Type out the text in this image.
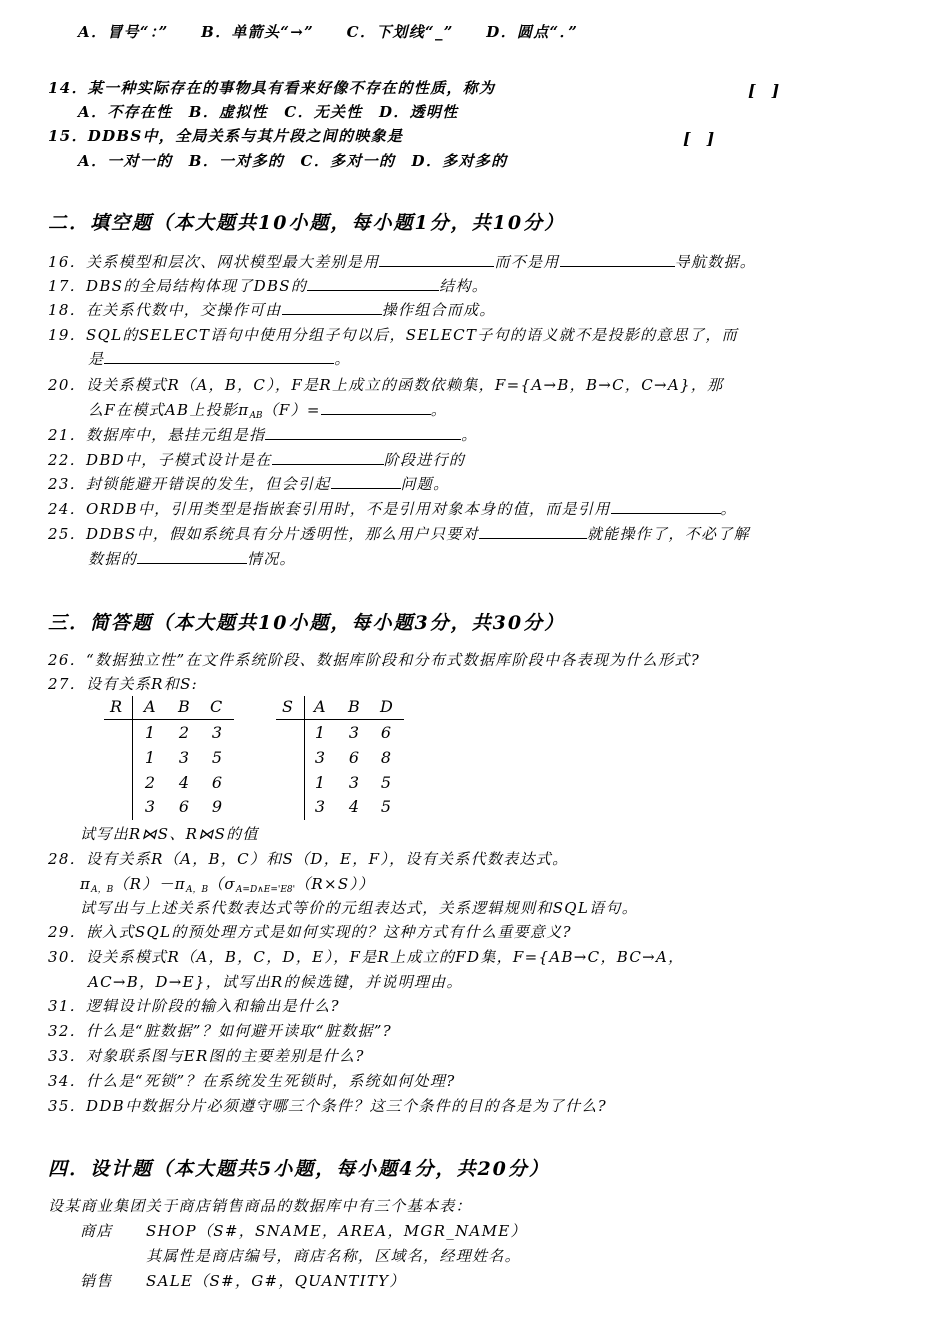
A．冒号“：”　　B．单箭头“→”　　C．下划线“_”　　D．圆点“．”
14．某一种实际存在的事物具有看来好像不存在的性质，称为	[　]
A．不存在性　B．虚拟性　C．无关性　D．透明性
15．DDBS中，全局关系与其片段之间的映象是	[　]
A．一对一的　B．一对多的　C．多对一的　D．多对多的
二．填空题（本大题共10小题，每小题1分，共10分）
16．关系模型和层次、网状模型最大差别是用	而不是用	导航数据。
17．DBS的全局结构体现了DBS的	结构。
18．在关系代数中，交操作可由	操作组合而成。
19．SQL的SELECT语句中使用分组子句以后，SELECT子句的语义就不是投影的意思了，而
是	。
20．设关系模式R（A，B，C），F是R上成立的函数依赖集，F={A→B，B→C，C→A}，那
么F在模式AB上投影$\pi_{AB}(F)=$	。
21．数据库中，悬挂元组是指	。
22．DBD中，子模式设计是在	阶段进行的
23．封锁能避开错误的发生，但会引起	问题。
24．ORDB中，引用类型是指嵌套引用时，不是引用对象本身的值，而是引用	。
25．DDBS中，假如系统具有分片透明性，那么用户只要对	就能操作了，不必了解
数据的	情况。
三．简答题（本大题共10小题，每小题3分，共30分）
26．“数据独立性”在文件系统阶段、数据库阶段和分布式数据库阶段中各表现为什么形式?
27．设有关系R和S:
R A B C
1	2	3
1	3	5
2	4	6
3	6	9
S A B D
1	3	6
3	6	8
1	3	5
3	4	5
试写出R⋈S、R⋈S的值
28．设有关系R（A，B，C）和S（D，E，F），设有关系代数表达式。
$\pi_{A,B}(R)-\pi_{A,B}(\sigma_{A=D\wedge E='E8'}(R\times S))$
试写出与上述关系代数表达式等价的元组表达式，关系逻辑规则和SQL语句。
29．嵌入式SQL的预处理方式是如何实现的？这种方式有什么重要意义?
30．设关系模式R（A，B，C，D，E），F是R上成立的FD集，F={AB→C，BC→A，
AC→B，D→E}，试写出R的候选键，并说明理由。
31．逻辑设计阶段的输入和输出是什么?
32．什么是“脏数据”？如何避开读取“脏数据”?
33．对象联系图与ER图的主要差别是什么?
34．什么是“死锁”？在系统发生死锁时，系统如何处理?
35．DDB中数据分片必须遵守哪三个条件？这三个条件的目的各是为了什么?
四．设计题（本大题共5小题，每小题4分，共20分）
设某商业集团关于商店销售商品的数据库中有三个基本表：
商店 SHOP（S#，SNAME，AREA，MGR_NAME）
其属性是商店编号，商店名称，区域名，经理姓名。
销售 SALE（S#，G#，QUANTITY）
